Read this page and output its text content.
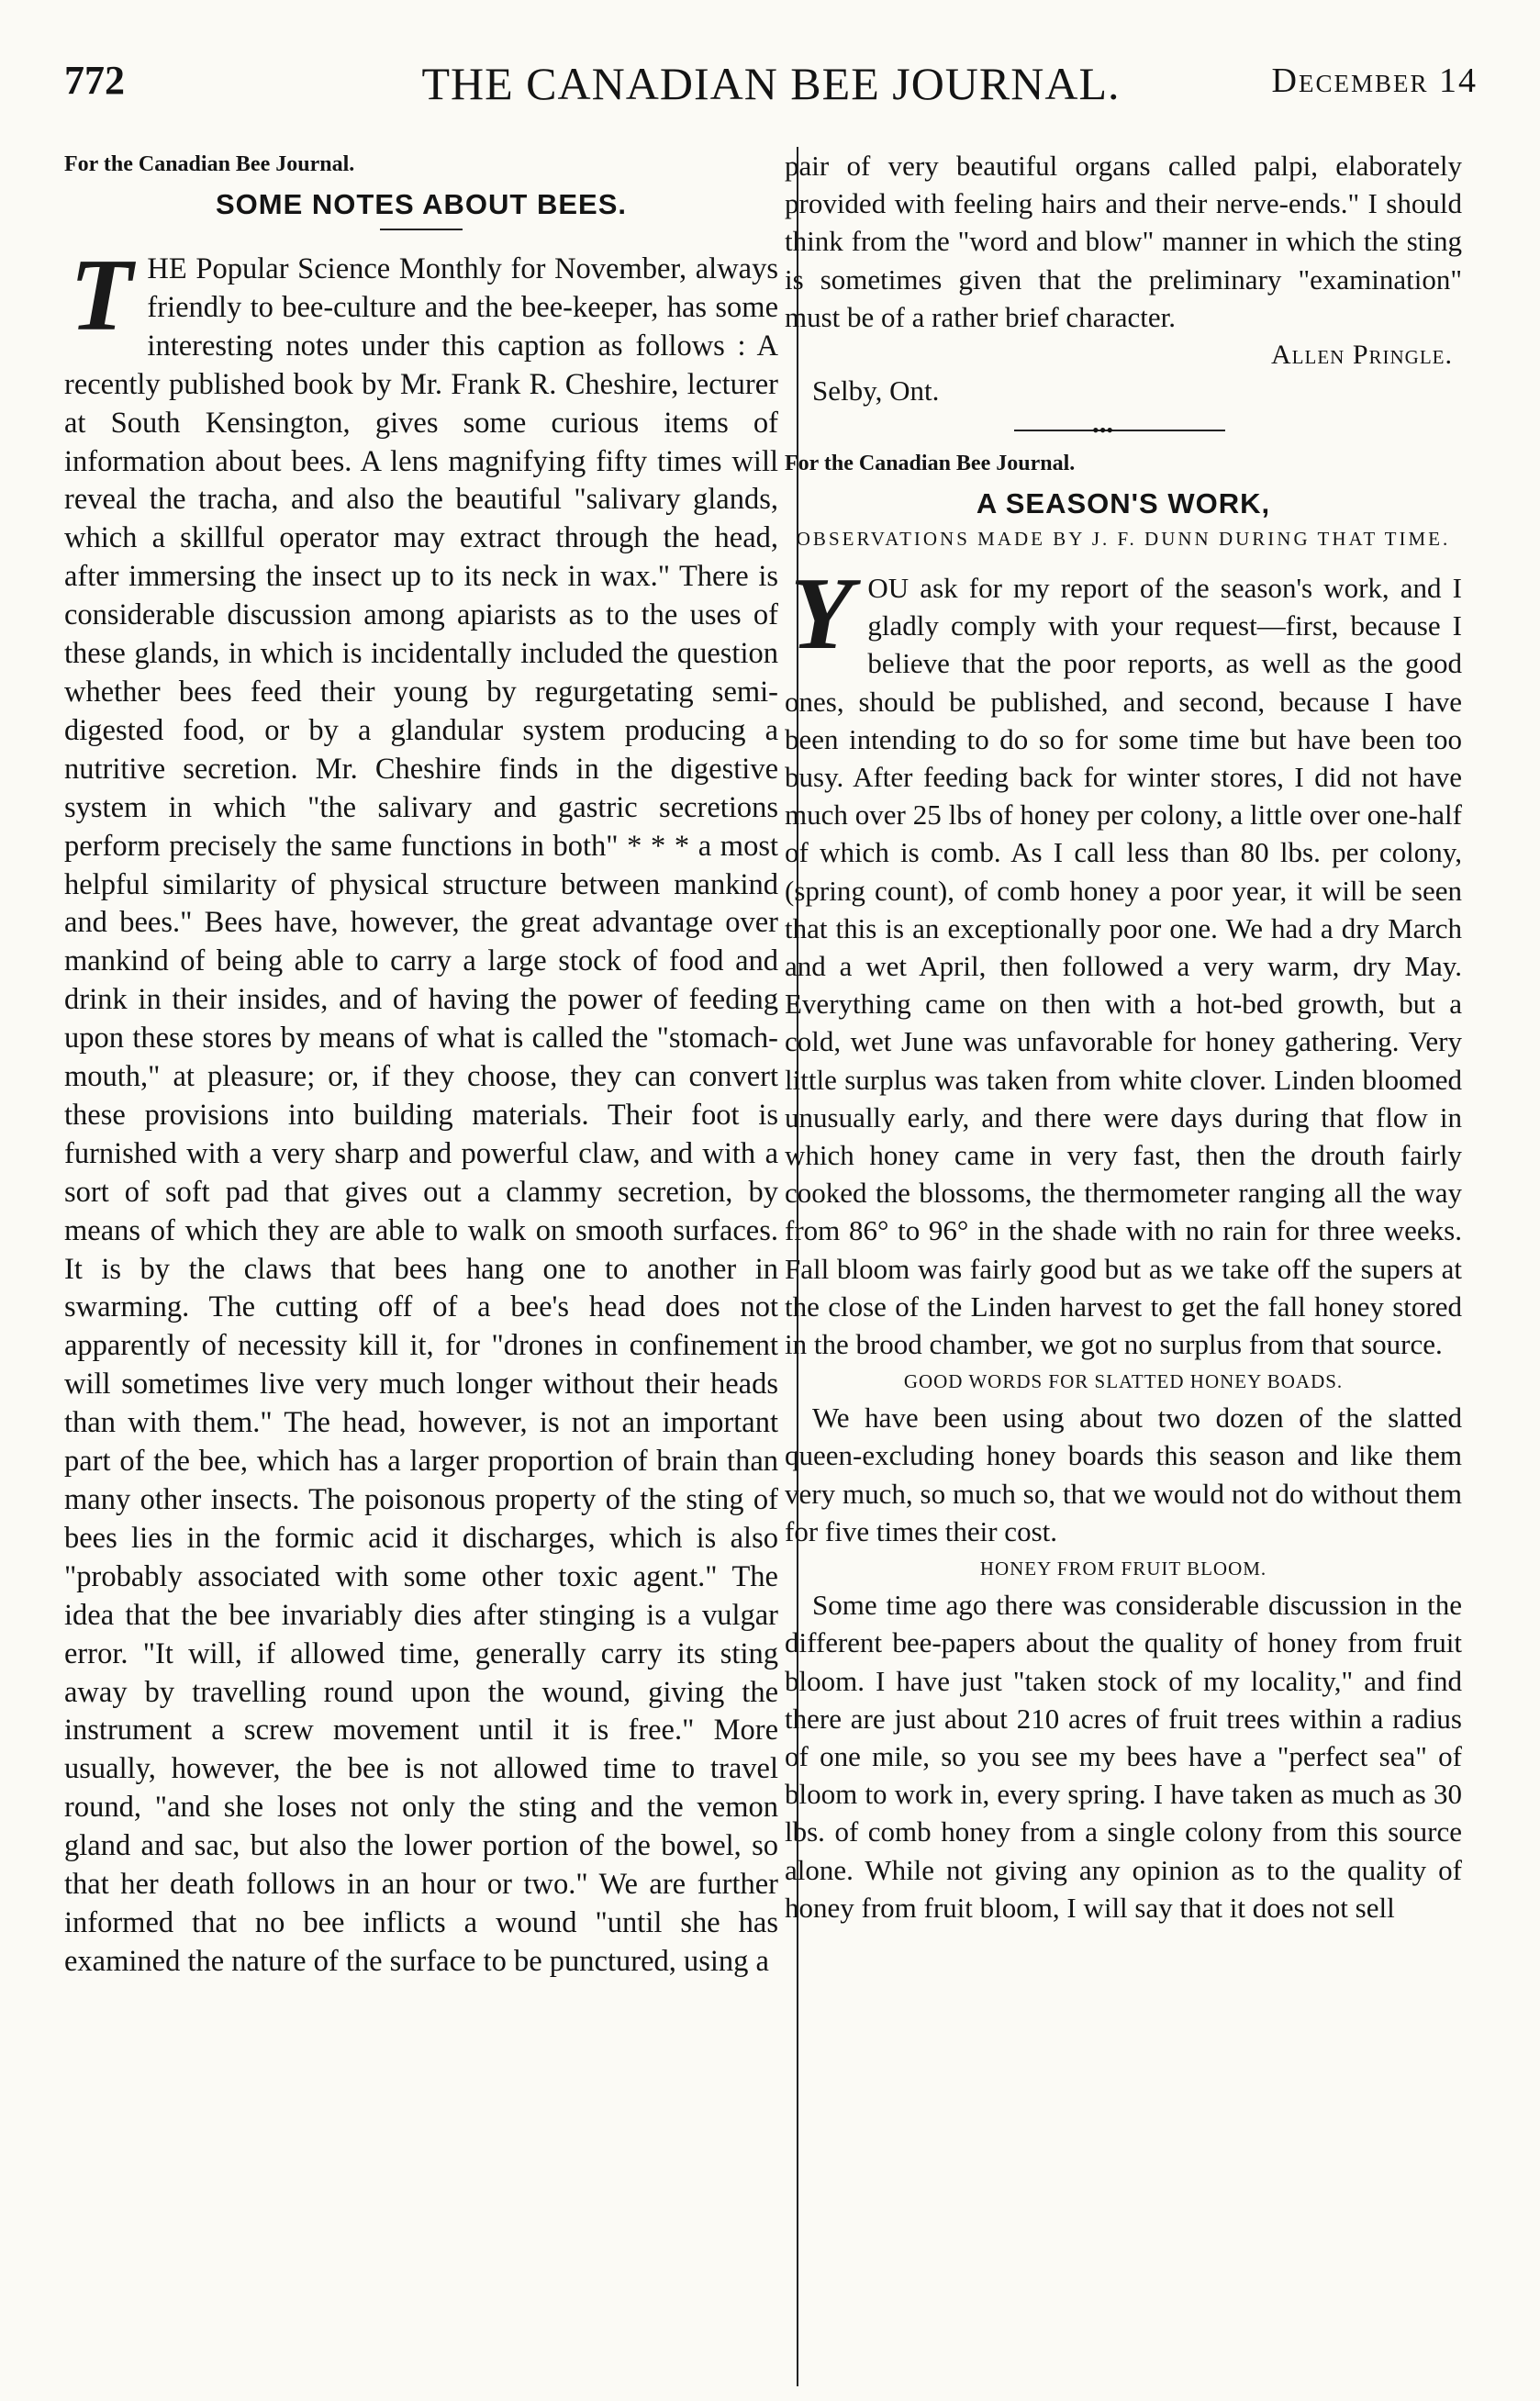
772	THE CANADIAN BEE JOURNAL.	December 14
For the Canadian Bee Journal.
SOME NOTES ABOUT BEES.
T HE Popular Science Monthly for November, always friendly to bee-culture and the bee-keeper, has some interesting notes under this caption as follows : A recently published book by Mr. Frank R. Cheshire, lecturer at South Kensington, gives some curious items of information about bees. A lens magnifying fifty times will reveal the tracha, and also the beautiful "salivary glands, which a skillful operator may extract through the head, after immersing the insect up to its neck in wax." There is considerable discussion among apiarists as to the uses of these glands, in which is incidentally included the question whether bees feed their young by regurgetating semi-digested food, or by a glandular system producing a nutritive secretion. Mr. Cheshire finds in the digestive system in which "the salivary and gastric secretions perform precisely the same functions in both" * * * a most helpful similarity of physical structure between mankind and bees." Bees have, however, the great advantage over mankind of being able to carry a large stock of food and drink in their insides, and of having the power of feeding upon these stores by means of what is called the "stomach-mouth," at pleasure; or, if they choose, they can convert these provisions into building materials. Their foot is furnished with a very sharp and powerful claw, and with a sort of soft pad that gives out a clammy secretion, by means of which they are able to walk on smooth surfaces. It is by the claws that bees hang one to another in swarming. The cutting off of a bee's head does not apparently of necessity kill it, for "drones in confinement will sometimes live very much longer without their heads than with them." The head, however, is not an important part of the bee, which has a larger proportion of brain than many other insects. The poisonous property of the sting of bees lies in the formic acid it discharges, which is also "probably associated with some other toxic agent." The idea that the bee invariably dies after stinging is a vulgar error. "It will, if allowed time, generally carry its sting away by travelling round upon the wound, giving the instrument a screw movement until it is free." More usually, however, the bee is not allowed time to travel round, "and she loses not only the sting and the vemon gland and sac, but also the lower portion of the bowel, so that her death follows in an hour or two." We are further informed that no bee inflicts a wound "until she has examined the nature of the surface to be punctured, using a
pair of very beautiful organs called palpi, elaborately provided with feeling hairs and their nerve-ends." I should think from the "word and blow" manner in which the sting is sometimes given that the preliminary "examination" must be of a rather brief character.
Allen Pringle.
Selby, Ont.
•••
For the Canadian Bee Journal.
A SEASON'S WORK,
OBSERVATIONS MADE BY J. F. DUNN DURING THAT TIME.
Y OU ask for my report of the season's work, and I gladly comply with your request—first, because I believe that the poor reports, as well as the good ones, should be published, and second, because I have been intending to do so for some time but have been too busy. After feeding back for winter stores, I did not have much over 25 lbs of honey per colony, a little over one-half of which is comb. As I call less than 80 lbs. per colony, (spring count), of comb honey a poor year, it will be seen that this is an exceptionally poor one. We had a dry March and a wet April, then followed a very warm, dry May. Everything came on then with a hot-bed growth, but a cold, wet June was unfavorable for honey gathering. Very little surplus was taken from white clover. Linden bloomed unusually early, and there were days during that flow in which honey came in very fast, then the drouth fairly cooked the blossoms, the thermometer ranging all the way from 86° to 96° in the shade with no rain for three weeks. Fall bloom was fairly good but as we take off the supers at the close of the Linden harvest to get the fall honey stored in the brood chamber, we got no surplus from that source.
GOOD WORDS FOR SLATTED HONEY BOADS.
We have been using about two dozen of the slatted queen-excluding honey boards this season and like them very much, so much so, that we would not do without them for five times their cost.
HONEY FROM FRUIT BLOOM.
Some time ago there was considerable discussion in the different bee-papers about the quality of honey from fruit bloom. I have just "taken stock of my locality," and find there are just about 210 acres of fruit trees within a radius of one mile, so you see my bees have a "perfect sea" of bloom to work in, every spring. I have taken as much as 30 lbs. of comb honey from a single colony from this source alone. While not giving any opinion as to the quality of honey from fruit bloom, I will say that it does not sell
